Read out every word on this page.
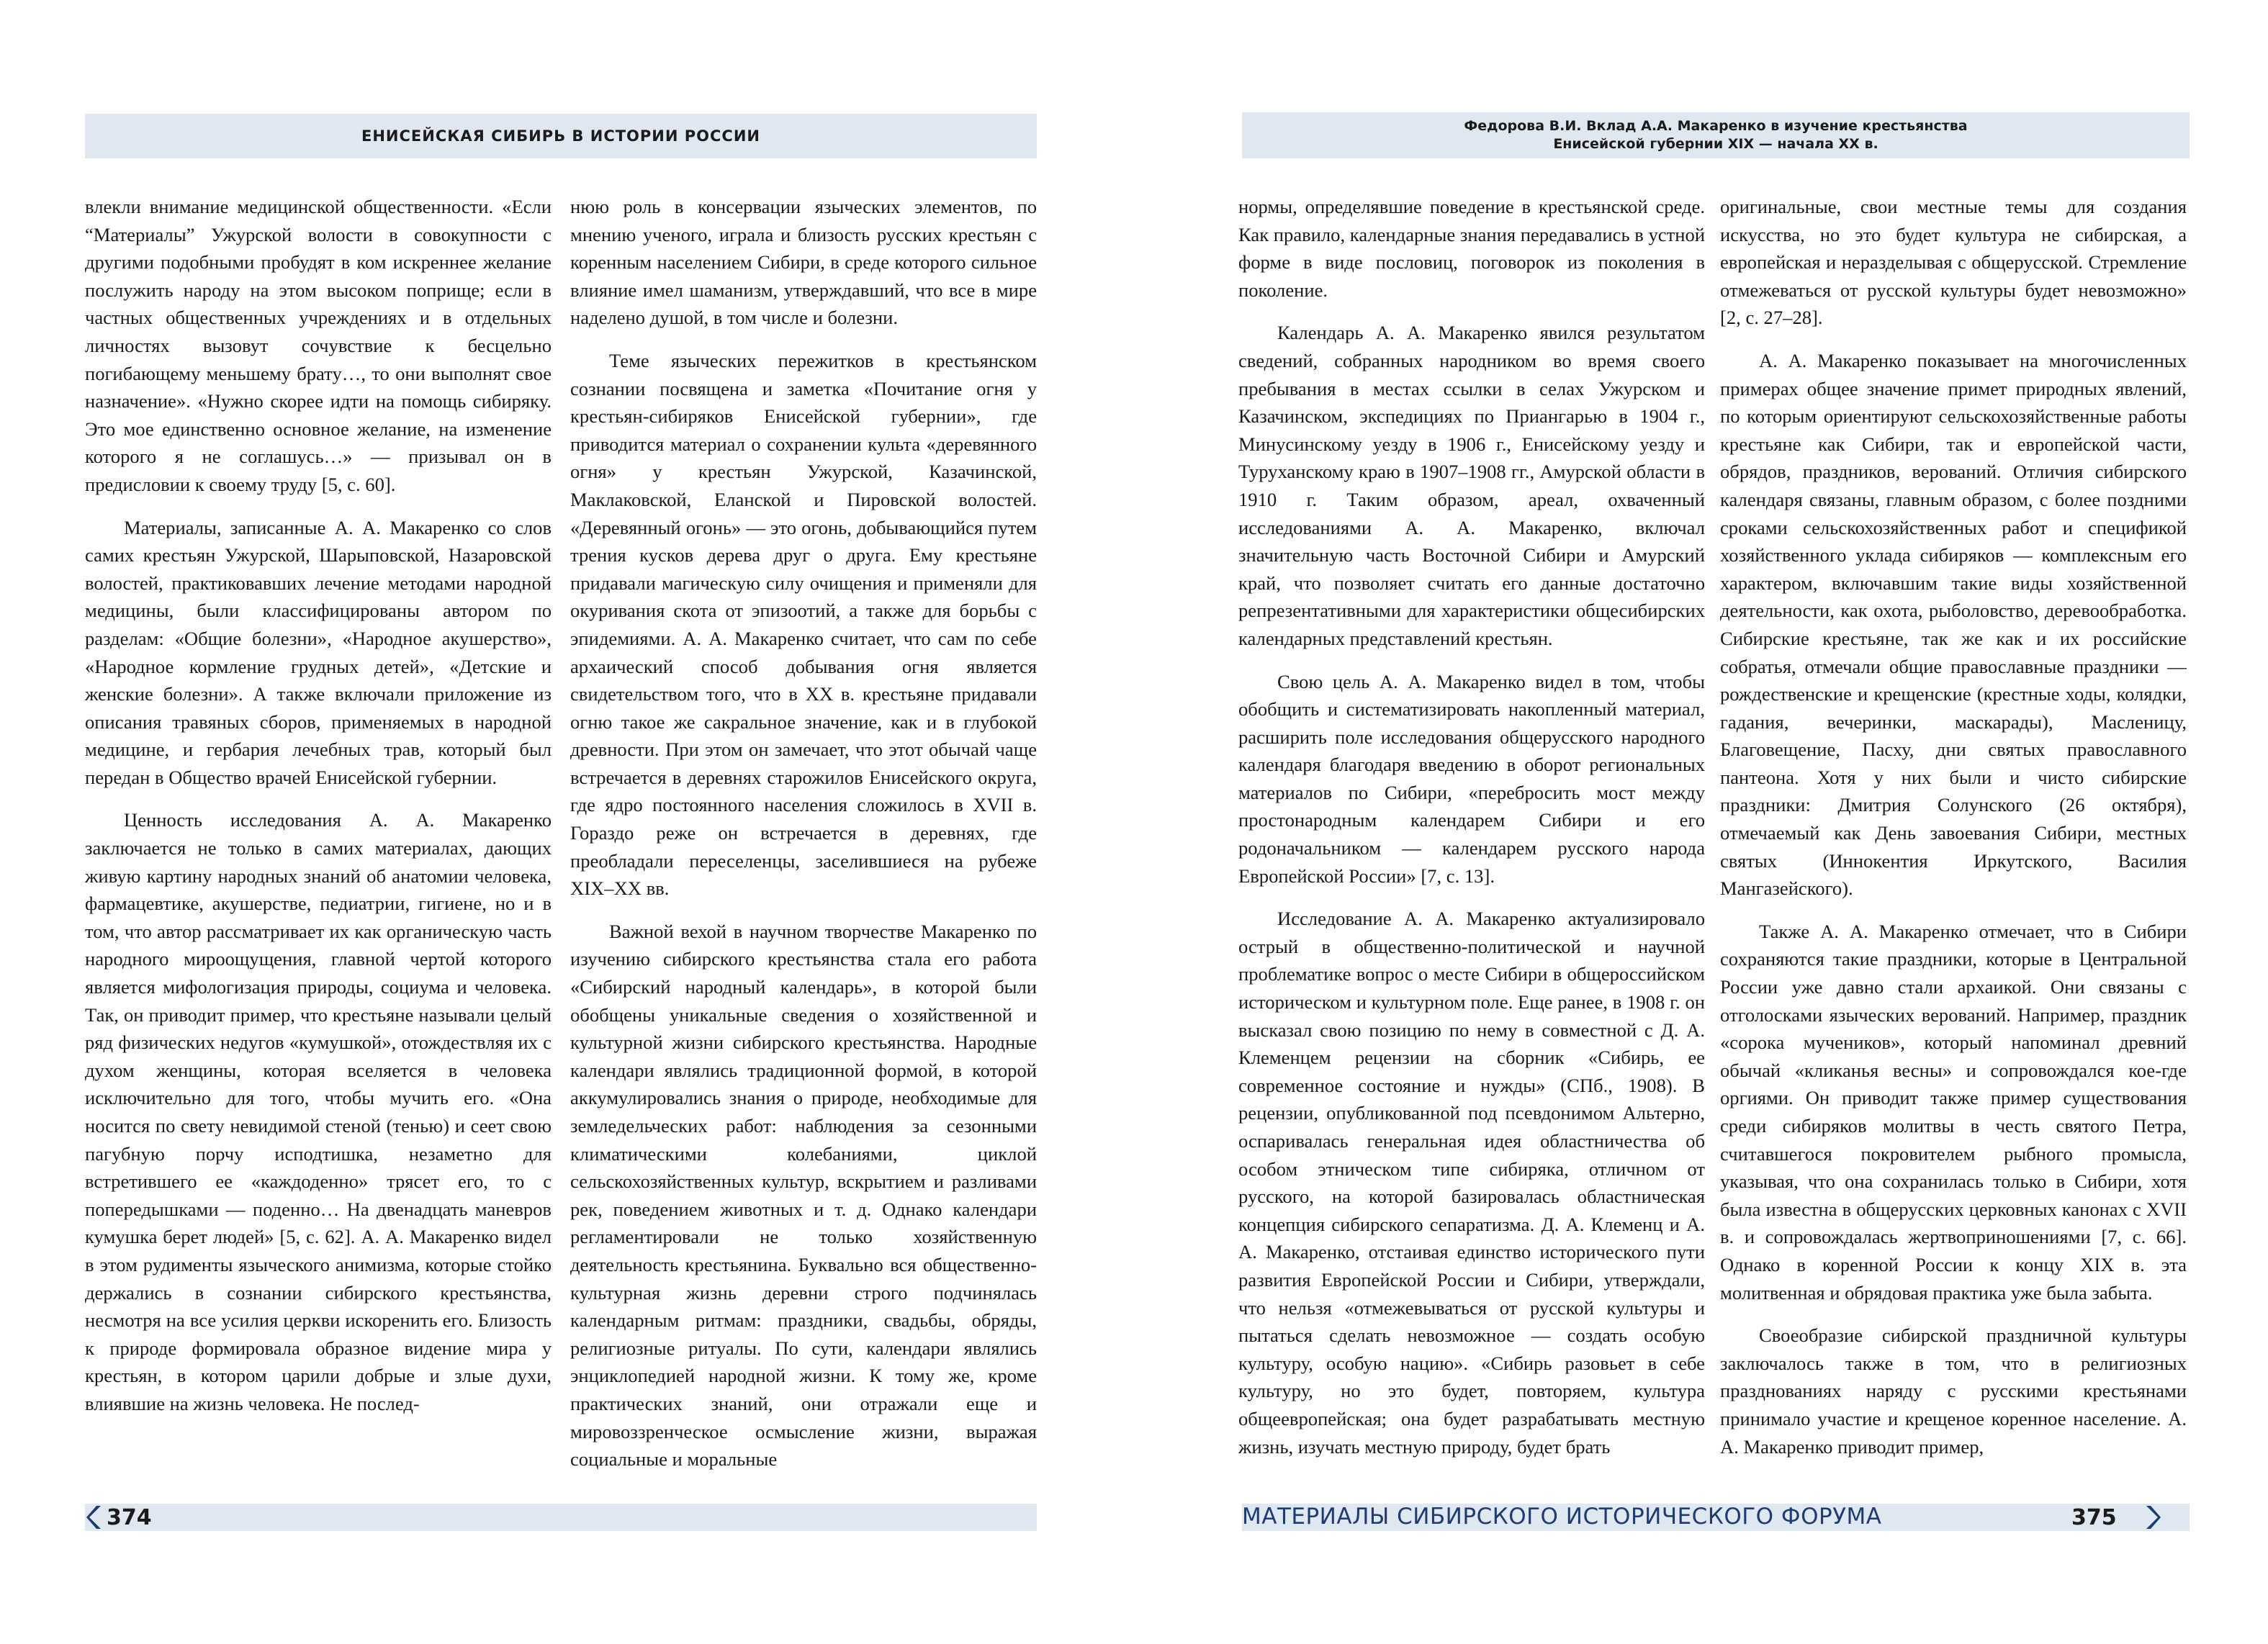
ЕНИСЕЙСКАЯ СИБИРЬ В ИСТОРИИ РОССИИ

влекли внимание медицинской общественности. «Если “Материалы” Ужурской волости в совокупности с другими подобными пробудят в ком искреннее желание послужить народу на этом высоком поприще; если в частных общественных учреждениях и в отдельных личностях вызовут сочувствие к бесцельно погибающему меньшему брату…, то они выполнят свое назначение». «Нужно скорее идти на помощь сибиряку. Это мое единственно основное желание, на изменение которого я не соглашусь…» — призывал он в предисловии к своему труду [5, с. 60].

Материалы, записанные А. А. Макаренко со слов самих крестьян Ужурской, Шарыповской, Назаровской волостей, практиковавших лечение методами народной медицины, были классифицированы автором по разделам: «Общие болезни», «Народное акушерство», «Народное кормление грудных детей», «Детские и женские болезни». А также включали приложение из описания травяных сборов, применяемых в народной медицине, и гербария лечебных трав, который был передан в Общество врачей Енисейской губернии.

Ценность исследования А. А. Макаренко заключается не только в самих материалах, дающих живую картину народных знаний об анатомии человека, фармацевтике, акушерстве, педиатрии, гигиене, но и в том, что автор рассматривает их как органическую часть народного мироощущения, главной чертой которого является мифологизация природы, социума и человека. Так, он приводит пример, что крестьяне называли целый ряд физических недугов «кумушкой», отождествляя их с духом женщины, которая вселяется в человека исключительно для того, чтобы мучить его. «Она носится по свету невидимой стеной (тенью) и сеет свою пагубную порчу исподтишка, незаметно для встретившего ее «каждоденно» трясет его, то с попередышками — поденно… На двенадцать маневров кумушка берет людей» [5, с. 62]. А. А. Макаренко видел в этом рудименты языческого анимизма, которые стойко держались в сознании сибирского крестьянства, несмотря на все усилия церкви искоренить его. Близость к природе формировала образное видение мира у крестьян, в котором царили добрые и злые духи, влиявшие на жизнь человека. Не послед-

нюю роль в консервации языческих элементов, по мнению ученого, играла и близость русских крестьян с коренным населением Сибири, в среде которого сильное влияние имел шаманизм, утверждавший, что все в мире наделено душой, в том числе и болезни.

Теме языческих пережитков в крестьянском сознании посвящена и заметка «Почитание огня у крестьян-сибиряков Енисейской губернии», где приводится материал о сохранении культа «деревянного огня» у крестьян Ужурской, Казачинской, Маклаковской, Еланской и Пировской волостей. «Деревянный огонь» — это огонь, добывающийся путем трения кусков дерева друг о друга. Ему крестьяне придавали магическую силу очищения и применяли для окуривания скота от эпизоотий, а также для борьбы с эпидемиями. А. А. Макаренко считает, что сам по себе архаический способ добывания огня является свидетельством того, что в XX в. крестьяне придавали огню такое же сакральное значение, как и в глубокой древности. При этом он замечает, что этот обычай чаще встречается в деревнях старожилов Енисейского округа, где ядро постоянного населения сложилось в XVII в. Гораздо реже он встречается в деревнях, где преобладали переселенцы, заселившиеся на рубеже XIX–XX вв.

Важной вехой в научном творчестве Макаренко по изучению сибирского крестьянства стала его работа «Сибирский народный календарь», в которой были обобщены уникальные сведения о хозяйственной и культурной жизни сибирского крестьянства. Народные календари являлись традиционной формой, в которой аккумулировались знания о природе, необходимые для земледельческих работ: наблюдения за сезонными климатическими колебаниями, циклой сельскохозяйственных культур, вскрытием и разливами рек, поведением животных и т. д. Однако календари регламентировали не только хозяйственную деятельность крестьянина. Буквально вся общественно-культурная жизнь деревни строго подчинялась календарным ритмам: праздники, свадьбы, обряды, религиозные ритуалы. По сути, календари являлись энциклопедией народной жизни. К тому же, кроме практических знаний, они отражали еще и мировоззренческое осмысление жизни, выражая социальные и моральные

374
Федорова В.И. Вклад А.А. Макаренко в изучение крестьянства
Енисейской губернии XIX — начала XX в.

нормы, определявшие поведение в крестьянской среде. Как правило, календарные знания передавались в устной форме в виде пословиц, поговорок из поколения в поколение.

Календарь А. А. Макаренко явился результатом сведений, собранных народником во время своего пребывания в местах ссылки в селах Ужурском и Казачинском, экспедициях по Приангарью в 1904 г., Минусинскому уезду в 1906 г., Енисейскому уезду и Туруханскому краю в 1907–1908 гг., Амурской области в 1910 г. Таким образом, ареал, охваченный исследованиями А. А. Макаренко, включал значительную часть Восточной Сибири и Амурский край, что позволяет считать его данные достаточно репрезентативными для характеристики общесибирских календарных представлений крестьян.

Свою цель А. А. Макаренко видел в том, чтобы обобщить и систематизировать накопленный материал, расширить поле исследования общерусского народного календаря благодаря введению в оборот региональных материалов по Сибири, «перебросить мост между простонародным календарем Сибири и его родоначальником — календарем русского народа Европейской России» [7, с. 13].

Исследование А. А. Макаренко актуализировало острый в общественно-политической и научной проблематике вопрос о месте Сибири в общероссийском историческом и культурном поле. Еще ранее, в 1908 г. он высказал свою позицию по нему в совместной с Д. А. Клеменцем рецензии на сборник «Сибирь, ее современное состояние и нужды» (СПб., 1908). В рецензии, опубликованной под псевдонимом Альтерно, оспаривалась генеральная идея областничества об особом этническом типе сибиряка, отличном от русского, на которой базировалась областническая концепция сибирского сепаратизма. Д. А. Клеменц и А. А. Макаренко, отстаивая единство исторического пути развития Европейской России и Сибири, утверждали, что нельзя «отмежевываться от русской культуры и пытаться сделать невозможное — создать особую культуру, особую нацию». «Сибирь разовьет в себе культуру, но это будет, повторяем, культура общеевропейская; она будет разрабатывать местную жизнь, изучать местную природу, будет брать

оригинальные, свои местные темы для создания искусства, но это будет культура не сибирская, а европейская и неразделывая с общерусской. Стремление отмежеваться от русской культуры будет невозможно» [2, с. 27–28].

А. А. Макаренко показывает на многочисленных примерах общее значение примет природных явлений, по которым ориентируют сельскохозяйственные работы крестьяне как Сибири, так и европейской части, обрядов, праздников, верований. Отличия сибирского календаря связаны, главным образом, с более поздними сроками сельскохозяйственных работ и спецификой хозяйственного уклада сибиряков — комплексным его характером, включавшим такие виды хозяйственной деятельности, как охота, рыболовство, деревообработка. Сибирские крестьяне, так же как и их российские собратья, отмечали общие православные праздники — рождественские и крещенские (крестные ходы, колядки, гадания, вечеринки, маскарады), Масленицу, Благовещение, Пасху, дни святых православного пантеона. Хотя у них были и чисто сибирские праздники: Дмитрия Солунского (26 октября), отмечаемый как День завоевания Сибири, местных святых (Иннокентия Иркутского, Василия Мангазейского).

Также А. А. Макаренко отмечает, что в Сибири сохраняются такие праздники, которые в Центральной России уже давно стали архаикой. Они связаны с отголосками языческих верований. Например, праздник «сорока мучеников», который напоминал древний обычай «кликанья весны» и сопровождался кое-где оргиями. Он приводит также пример существования среди сибиряков молитвы в честь святого Петра, считавшегося покровителем рыбного промысла, указывая, что она сохранилась только в Сибири, хотя была известна в общерусских церковных канонах с XVII в. и сопровождалась жертвоприношениями [7, с. 66]. Однако в коренной России к концу XIX в. эта молитвенная и обрядовая практика уже была забыта.

Своеобразие сибирской праздничной культуры заключалось также в том, что в религиозных празднованиях наряду с русскими крестьянами принимало участие и крещеное коренное население. А. А. Макаренко приводит пример,

МАТЕРИАЛЫ СИБИРСКОГО ИСТОРИЧЕСКОГО ФОРУМА	375
